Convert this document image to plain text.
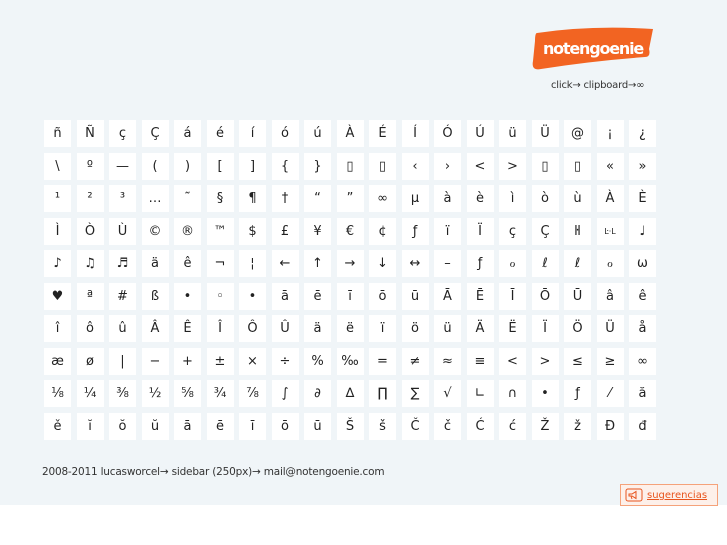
notengoenie
click→ clipboard→∞
ñ	Ñ	ç	Ç	á	é	í	ó	ú	À	É	Í	Ó	Ú	ü	Ü	@	¡	¿
\	º	—	(	)	[	]	{	}	▯	▯	‹	›	<	>	▯	▯	«	»
¹	²	³	…	˜	§	¶	†	“	”	∞	µ	à	è	ì	ò	ù	À	È
Ì	Ò	Ù	©	®	™	$	£	¥	€	¢	ƒ	ï	Ï	ç	Ç	ŀl	Ŀ·L	♩
♪	♫	♬	ä	ê	¬	¦	←	↑	→	↓	↔	–	ƒ	ℴ	ℓ	ℓ	ℴ	ω
♥	ª	#	ß	•	◦	•	ā	ē	ī	ō	ū	Ā	Ē	Ī	Ō	Ū	â	ê
î	ô	û	Â	Ê	Î	Ô	Û	ä	ë	ï	ö	ü	Ä	Ë	Ï	Ö	Ü	å
æ	ø	|	−	+	±	×	÷	%	‰	=	≠	≈	≡	<	>	≤	≥	∞
⅛	¼	⅜	½	⅝	¾	⅞	∫	∂	∆	∏	∑	√	∟	∩	•	ƒ	⁄	ă
ě	ĭ	ŏ	ŭ	ā	ē	ī	ō	ū	Š	š	Č	č	Ć	ć	Ž	ž	Đ	đ
2008-2011 lucasworcel→ sidebar (250px)→ mail@notengoenie.com
sugerencias
